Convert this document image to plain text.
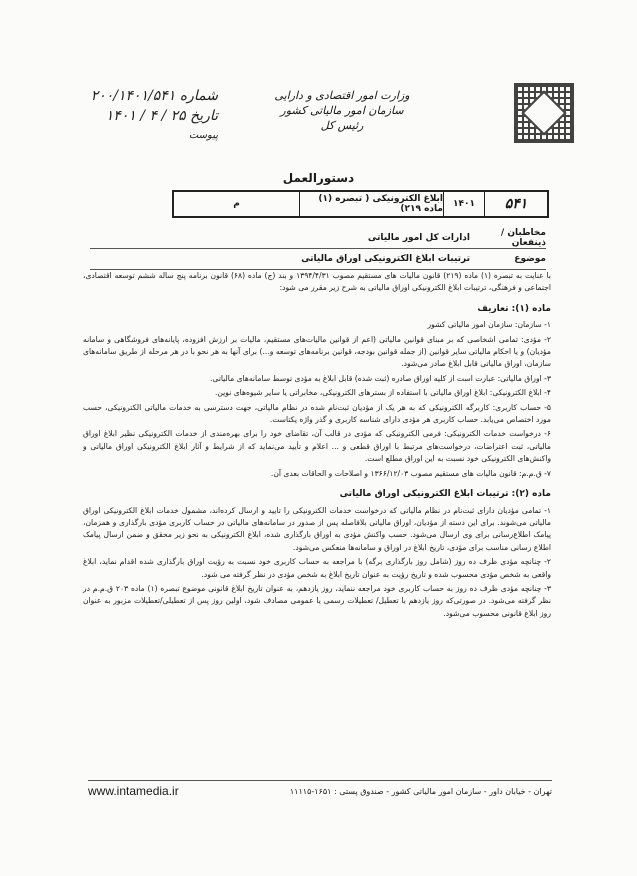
وزارت امور اقتصادی و دارایی
سازمان امور مالیاتی کشور
رئیس کل
شماره ۲۰۰/۱۴۰۱/۵۴۱
تاریخ ۲۵ / ۴ / ۱۴۰۱
پیوست
دستورالعمل
۵۴۱
۱۴۰۱
ابلاغ الکترونیکی ( تبصره (۱) ماده ۲۱۹)
م
مخاطبان / ذینفعان
ادارات کل امور مالیاتی
موضوع
ترتیبات ابلاغ الکترونیکی اوراق مالیاتی

با عنایت به تبصره (۱) ماده (۲۱۹) قانون مالیات های مستقیم مصوب ۱۳۹۴/۴/۳۱ و بند (ج) ماده (۶۸) قانون برنامه پنج ساله ششم توسعه اقتصادی، اجتماعی و فرهنگی، ترتیبات ابلاغ الکترونیکی اوراق مالیاتی به شرح زیر مقرر می شود:

ماده (۱): تعاریف

۱- سازمان: سازمان امور مالیاتی کشور

۲- مؤدی: تمامی اشخاصی که بر مبنای قوانین مالیاتی (اعم از قوانین مالیات‌های مستقیم، مالیات بر ارزش افزوده، پایانه‌های فروشگاهی و سامانه مؤدیان) و یا احکام مالیاتی سایر قوانین (از جمله قوانین بودجه، قوانین برنامه‌های توسعه و...) برای آنها به هر نحو با در هر مرحله از طریق سامانه‌های سازمان، اوراق مالیاتی قابل ابلاغ صادر می‌شود.

۳- اوراق مالیاتی: عبارت است از کلیه اوراق صادره (ثبت شده) قابل ابلاغ به مؤدی توسط سامانه‌های مالیاتی.

۴- ابلاغ الکترونیکی: ابلاغ اوراق مالیاتی با استفاده از بسترهای الکترونیکی، مخابراتی یا سایر شیوه‌های نوین.

۵- حساب کاربری: کاربرگه الکترونیکی که به هر یک از مؤدیان ثبت‌نام شده در نظام مالیاتی، جهت دسترسی به خدمات مالیاتی الکترونیکی، حسب مورد اختصاص می‌یابد. حساب کاربری هر مؤدی دارای شناسه کاربری و گذر واژه یکتاست.

۶- درخواست خدمات الکترونیکی: فرمی الکترونیکی که مؤدی در قالب آن، تقاضای خود را برای بهره‌مندی از خدمات الکترونیکی نظیر ابلاغ اوراق مالیاتی، ثبت اعتراضات، درخواست‌های مرتبط با اوراق قطعی و ... اعلام و تأیید می‌نماید که از شرایط و آثار ابلاغ الکترونیکی اوراق مالیاتی و واکنش‌های الکترونیکی خود نسبت به این اوراق مطلع است.

۷- ق.م.م: قانون مالیات های مستقیم مصوب ۱۳۶۶/۱۲/۰۳ و اصلاحات و الحاقات بعدی آن.

ماده (۲): ترتیبات ابلاغ الکترونیکی اوراق مالیاتی

۱- تمامی مؤدیان دارای ثبت‌نام در نظام مالیاتی که درخواست خدمات الکترونیکی را تایید و ارسال کرده‌اند، مشمول خدمات ابلاغ الکترونیکی اوراق مالیاتی می‌شوند. برای این دسته از مؤدیان، اوراق مالیاتی بلافاصله پس از صدور در سامانه‌های مالیاتی در حساب کاربری مؤدی بارگذاری و همزمان، پیامک اطلاع‌رسانی برای وی ارسال می‌شود. حسب واکنش مؤدی به اوراق بارگذاری شده، ابلاغ الکترونیکی به نحو زیر محقق و ضمن ارسال پیامک اطلاع رسانی مناسب برای مؤدی، تاریخ ابلاغ در اوراق و سامانه‌ها منعکس می‌شود.

۲- چنانچه مؤدی ظرف ده روز (شامل روز بارگذاری برگه) با مراجعه به حساب کاربری خود نسبت به رؤیت اوراق بارگذاری شده اقدام نماید، ابلاغ واقعی به شخص مؤدی محسوب شده و تاریخ رؤیت به عنوان تاریخ ابلاغ به شخص مؤدی در نظر گرفته می شود.

۳- چنانچه مؤدی ظرف ده روز به حساب کاربری خود مراجعه ننماید، روز یازدهم، به عنوان تاریخ ابلاغ قانونی موضوع تبصره (۱) ماده ۲۰۳ ق.م.م در نظر گرفته می‌شود. در صورتی‌که روز یازدهم با تعطیل/ تعطیلات رسمی یا عمومی مصادف شود، اولین روز پس از تعطیلی/تعطیلات مزبور به عنوان روز ابلاغ قانونی محسوب می‌شود.

www.intamedia.ir	تهران - خیابان داور - سازمان امور مالیاتی کشور - صندوق پستی : ۱۶۵۱-۱۱۱۱۵
